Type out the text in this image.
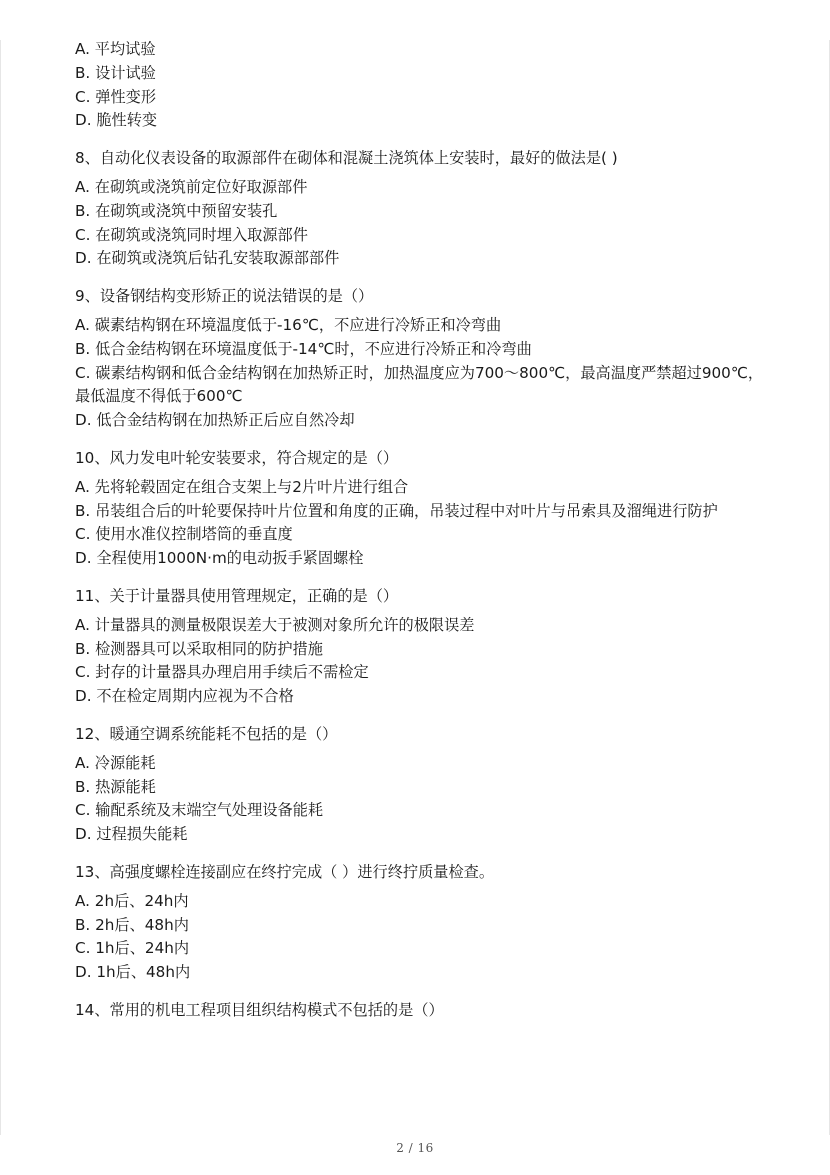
A. 平均试验
B. 设计试验
C. 弹性变形
D. 脆性转变
8、自动化仪表设备的取源部件在砌体和混凝土浇筑体上安装时，最好的做法是( )
A. 在砌筑或浇筑前定位好取源部件
B. 在砌筑或浇筑中预留安装孔
C. 在砌筑或浇筑同时埋入取源部件
D. 在砌筑或浇筑后钻孔安装取源部部件
9、设备钢结构变形矫正的说法错误的是（）
A. 碳素结构钢在环境温度低于-16℃，不应进行冷矫正和冷弯曲
B. 低合金结构钢在环境温度低于-14℃时，不应进行冷矫正和冷弯曲
C. 碳素结构钢和低合金结构钢在加热矫正时，加热温度应为700～800℃，最高温度严禁超过900℃，最低温度不得低于600℃
D. 低合金结构钢在加热矫正后应自然冷却
10、风力发电叶轮安装要求，符合规定的是（）
A. 先将轮毂固定在组合支架上与2片叶片进行组合
B. 吊装组合后的叶轮要保持叶片位置和角度的正确，吊装过程中对叶片与吊索具及溜绳进行防护
C. 使用水准仪控制塔筒的垂直度
D. 全程使用1000N·m的电动扳手紧固螺栓
11、关于计量器具使用管理规定，正确的是（）
A. 计量器具的测量极限误差大于被测对象所允许的极限误差
B. 检测器具可以采取相同的防护措施
C. 封存的计量器具办理启用手续后不需检定
D. 不在检定周期内应视为不合格
12、暖通空调系统能耗不包括的是（）
A. 冷源能耗
B. 热源能耗
C. 输配系统及末端空气处理设备能耗
D. 过程损失能耗
13、高强度螺栓连接副应在终拧完成（ ）进行终拧质量检查。
A. 2h后、24h内
B. 2h后、48h内
C. 1h后、24h内
D. 1h后、48h内
14、常用的机电工程项目组织结构模式不包括的是（）
2 / 16
